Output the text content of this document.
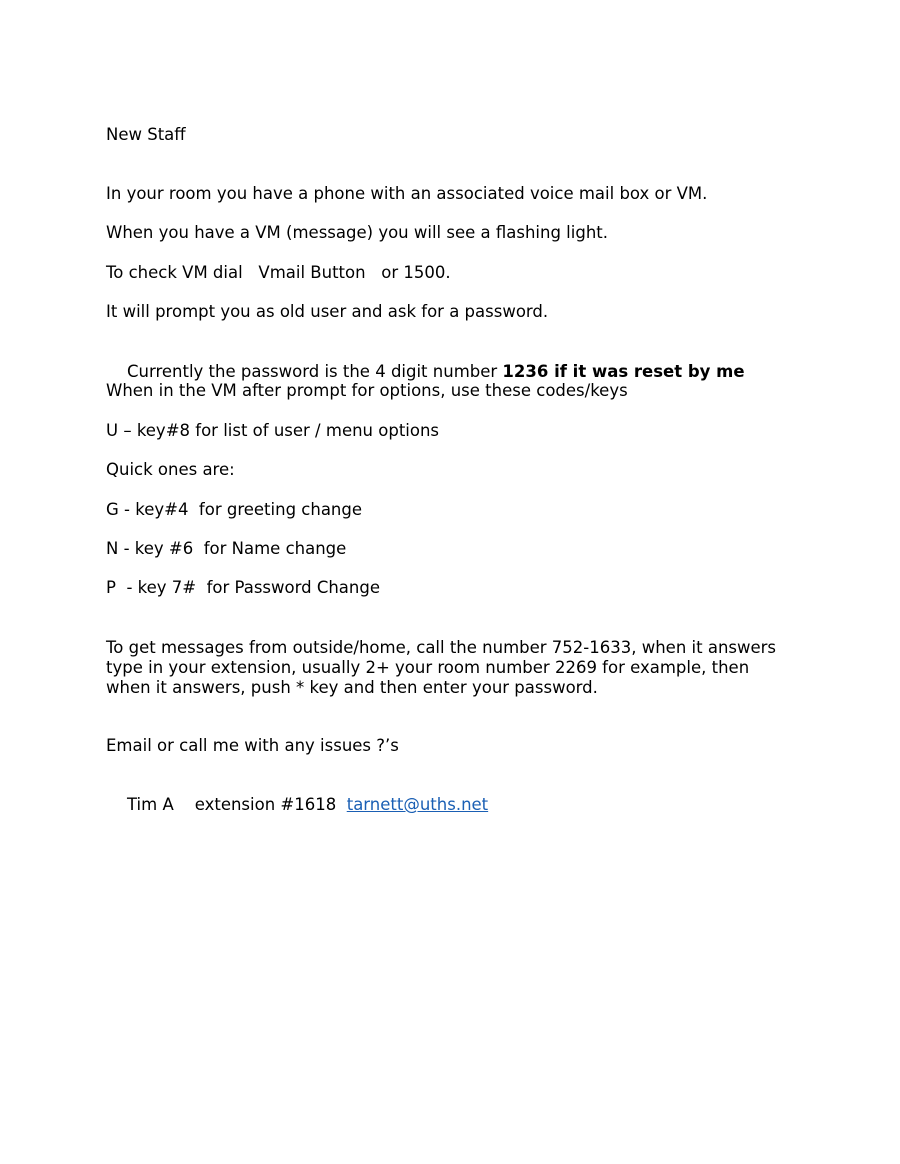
New Staff

In your room you have a phone with an associated voice mail box or VM.

When you have a VM (message) you will see a flashing light.

To check VM dial   Vmail Button   or 1500.

It will prompt you as old user and ask for a password.

Currently the password is the 4 digit number 1236 if it was reset by me

When in the VM after prompt for options, use these codes/keys

U – key#8 for list of user / menu options

Quick ones are:

G - key#4  for greeting change

N - key #6  for Name change

P  - key 7#  for Password Change

To get messages from outside/home, call the number 752-1633, when it answers type in your extension, usually 2+ your room number 2269 for example, then when it answers, push * key and then enter your password.

Email or call me with any issues ?’s

Tim A    extension #1618  tarnett@uths.net
